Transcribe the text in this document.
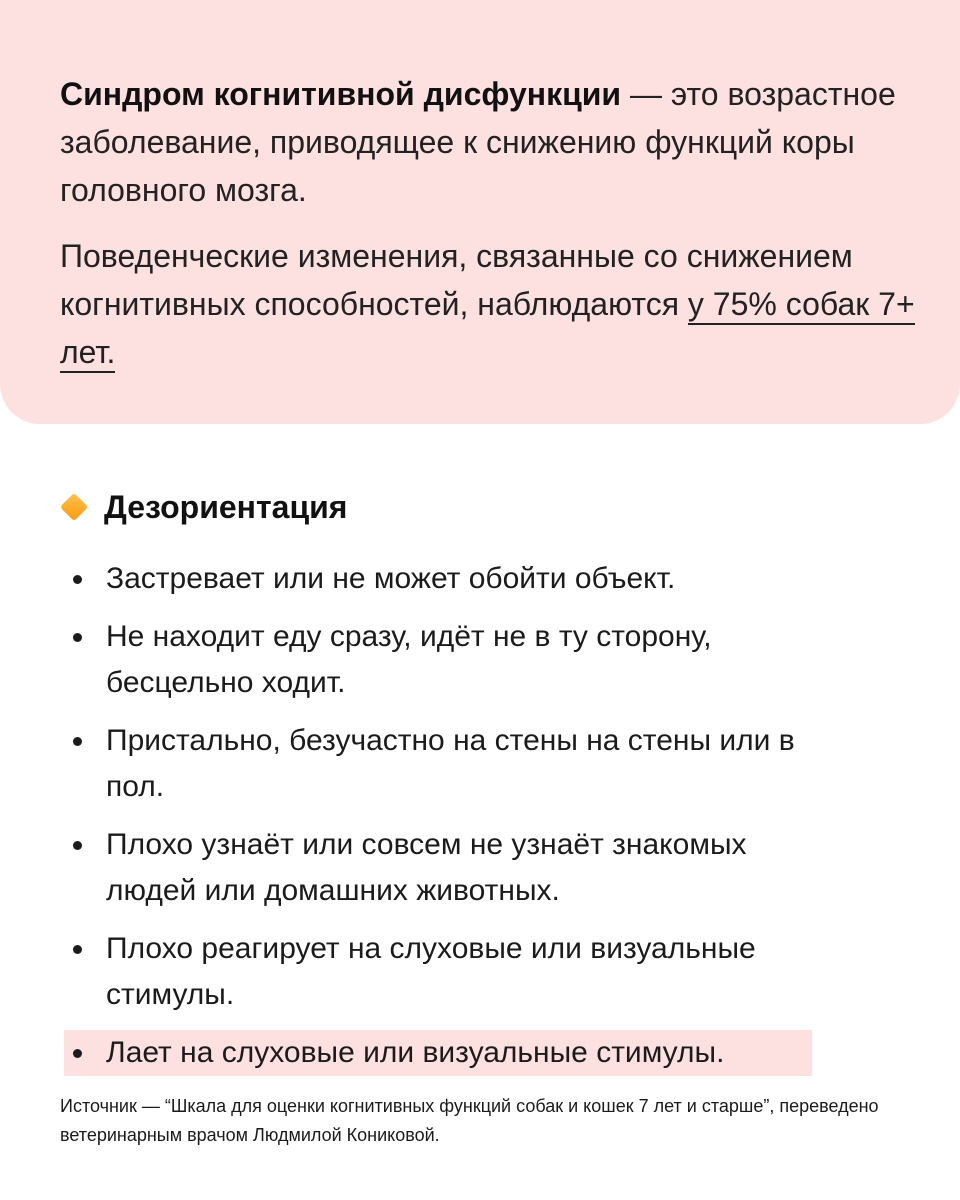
Синдром когнитивной дисфункции — это возрастное заболевание, приводящее к снижению функций коры головного мозга.

Поведенческие изменения, связанные со снижением когнитивных способностей, наблюдаются у 75% собак 7+ лет.

Дезориентация
Застревает или не может обойти объект.
Не находит еду сразу, идёт не в ту сторону, бесцельно ходит.
Пристально, безучастно на стены на стены или в пол.
Плохо узнаёт или совсем не узнаёт знакомых людей или домашних животных.
Плохо реагирует на слуховые или визуальные стимулы.
Лает на слуховые или визуальные стимулы.
Источник — “Шкала для оценки когнитивных функций собак и кошек 7 лет и старше”, переведено ветеринарным врачом Людмилой Кониковой.
